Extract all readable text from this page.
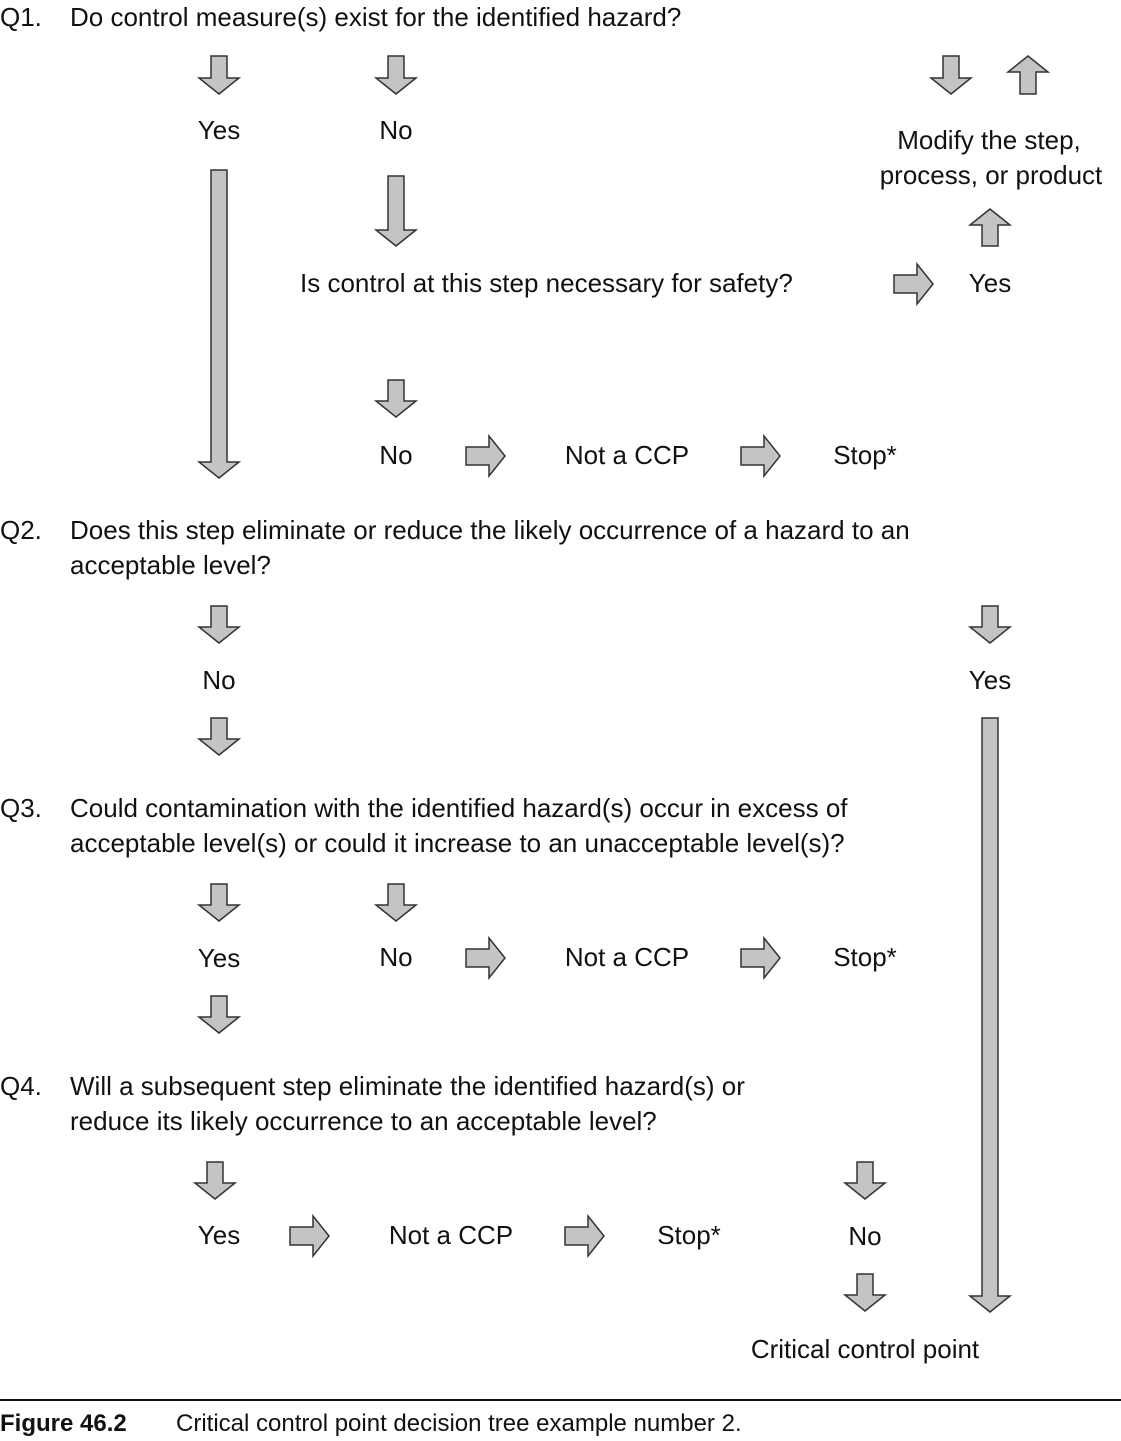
Q1. Do control measure(s) exist for the identified hazard?
Yes	No	Modify the step,
process, or product
Is control at this step necessary for safety?	Yes
No	Not a CCP	Stop*
Q2. Does this step eliminate or reduce the likely occurrence of a hazard to an
acceptable level?
No	Yes
Q3. Could contamination with the identified hazard(s) occur in excess of
acceptable level(s) or could it increase to an unacceptable level(s)?
Yes	No	Not a CCP	Stop*
Q4. Will a subsequent step eliminate the identified hazard(s) or
reduce its likely occurrence to an acceptable level?
Yes	Not a CCP	Stop*	No
Critical control point
Figure 46.2 Critical control point decision tree example number 2.
